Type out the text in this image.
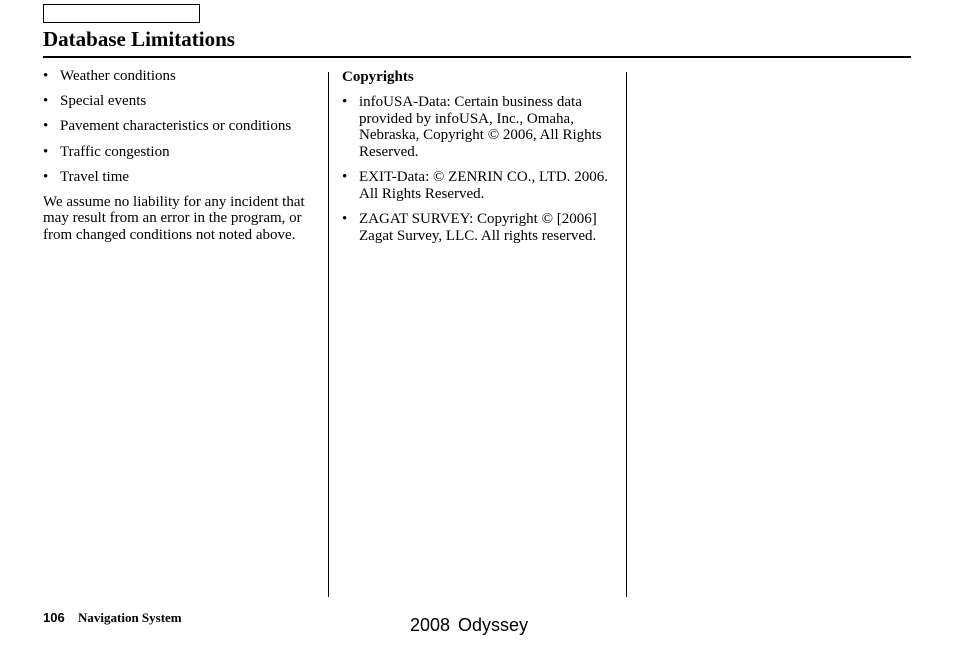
Database Limitations
• Weather conditions
• Special events
• Pavement characteristics or conditions
• Traffic congestion
• Travel time

We assume no liability for any incident that may result from an error in the program, or from changed conditions not noted above.

Copyrights
• infoUSA-Data: Certain business data provided by infoUSA, Inc., Omaha, Nebraska, Copyright © 2006, All Rights Reserved.
• EXIT-Data: © ZENRIN CO., LTD. 2006. All Rights Reserved.
• ZAGAT SURVEY: Copyright © [2006] Zagat Survey, LLC. All rights reserved.
106 Navigation System	2008 Odyssey
